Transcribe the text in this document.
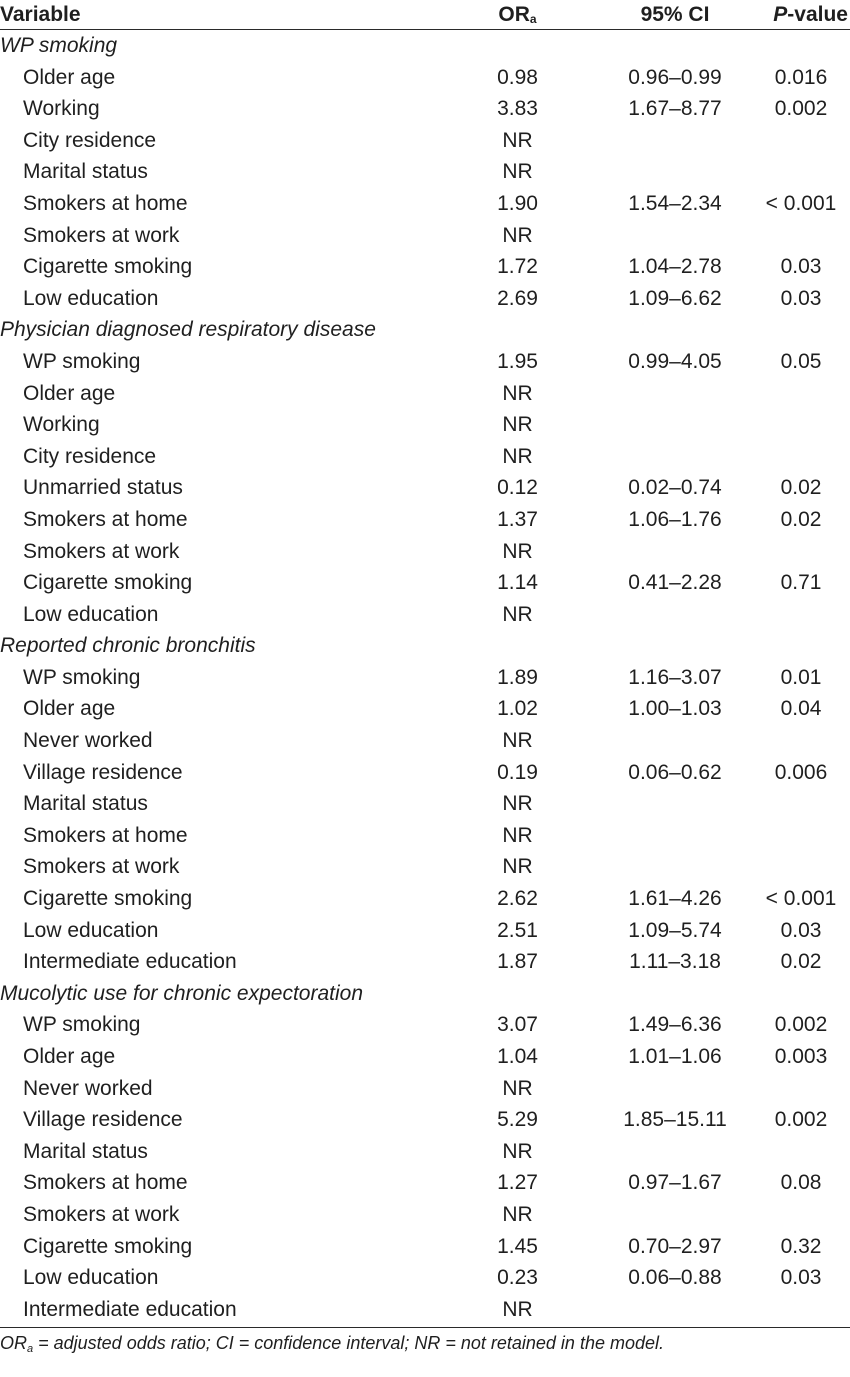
Variable	ORa	95% CI	P-value
WP smoking
Older age	0.98	0.96–0.99	0.016
Working	3.83	1.67–8.77	0.002
City residence	NR
Marital status	NR
Smokers at home	1.90	1.54–2.34	< 0.001
Smokers at work	NR
Cigarette smoking	1.72	1.04–2.78	0.03
Low education	2.69	1.09–6.62	0.03
Physician diagnosed respiratory disease
WP smoking	1.95	0.99–4.05	0.05
Older age	NR
Working	NR
City residence	NR
Unmarried status	0.12	0.02–0.74	0.02
Smokers at home	1.37	1.06–1.76	0.02
Smokers at work	NR
Cigarette smoking	1.14	0.41–2.28	0.71
Low education	NR
Reported chronic bronchitis
WP smoking	1.89	1.16–3.07	0.01
Older age	1.02	1.00–1.03	0.04
Never worked	NR
Village residence	0.19	0.06–0.62	0.006
Marital status	NR
Smokers at home	NR
Smokers at work	NR
Cigarette smoking	2.62	1.61–4.26	< 0.001
Low education	2.51	1.09–5.74	0.03
Intermediate education	1.87	1.11–3.18	0.02
Mucolytic use for chronic expectoration
WP smoking	3.07	1.49–6.36	0.002
Older age	1.04	1.01–1.06	0.003
Never worked	NR
Village residence	5.29	1.85–15.11	0.002
Marital status	NR
Smokers at home	1.27	0.97–1.67	0.08
Smokers at work	NR
Cigarette smoking	1.45	0.70–2.97	0.32
Low education	0.23	0.06–0.88	0.03
Intermediate education	NR
$OR_a$ = adjusted odds ratio; CI = confidence interval; NR = not retained in the model.
